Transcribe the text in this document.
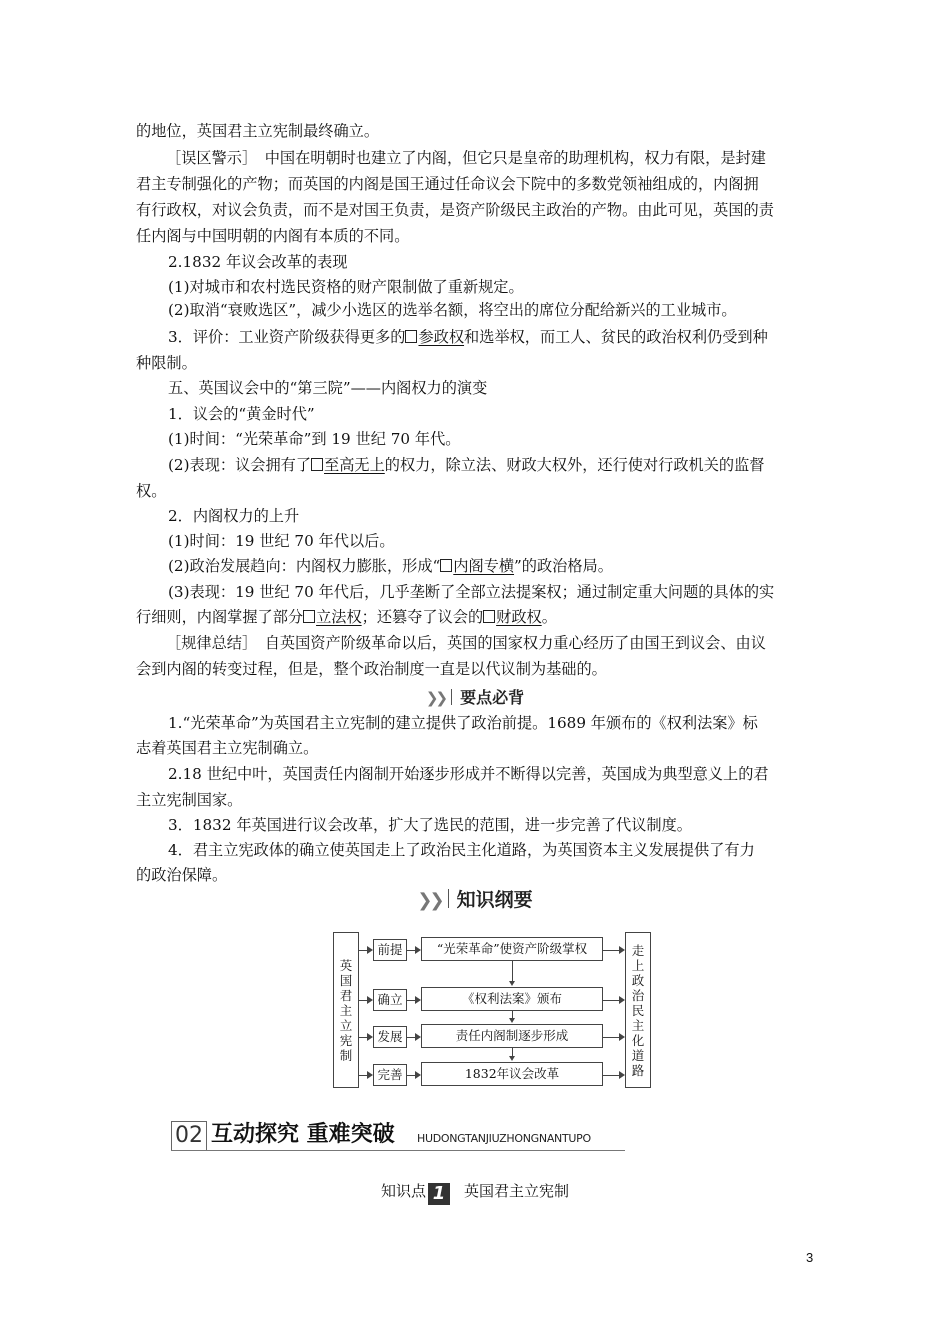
的地位，英国君主立宪制最终确立。
［误区警示］　中国在明朝时也建立了内阁，但它只是皇帝的助理机构，权力有限，是封建
君主专制强化的产物；而英国的内阁是国王通过任命议会下院中的多数党领袖组成的，内阁拥
有行政权，对议会负责，而不是对国王负责，是资产阶级民主政治的产物。由此可见，英国的责
任内阁与中国明朝的内阁有本质的不同。
2.1832 年议会改革的表现
(1)对城市和农村选民资格的财产限制做了重新规定。
(2)取消“衰败选区”，减少小选区的选举名额，将空出的席位分配给新兴的工业城市。
3．评价：工业资产阶级获得更多的 参政权和选举权，而工人、贫民的政治权利仍受到种
种限制。
五、英国议会中的“第三院”——内阁权力的演变
1．议会的“黄金时代”
(1)时间：“光荣革命”到 19 世纪 70 年代。
(2)表现：议会拥有了 至高无上的权力，除立法、财政大权外，还行使对行政机关的监督
权。
2．内阁权力的上升
(1)时间：19 世纪 70 年代以后。
(2)政治发展趋向：内阁权力膨胀，形成“ 内阁专横”的政治格局。
(3)表现：19 世纪 70 年代后，几乎垄断了全部立法提案权；通过制定重大问题的具体的实
行细则，内阁掌握了部分 立法权；还篡夺了议会的 财政权。
［规律总结］　自英国资产阶级革命以后，英国的国家权力重心经历了由国王到议会、由议
会到内阁的转变过程，但是，整个政治制度一直是以代议制为基础的。
❯❯ 要点必背
1.“光荣革命”为英国君主立宪制的建立提供了政治前提。1689 年颁布的《权利法案》标
志着英国君主立宪制确立。
2.18 世纪中叶，英国责任内阁制开始逐步形成并不断得以完善，英国成为典型意义上的君
主立宪制国家。
3．1832 年英国进行议会改革，扩大了选民的范围，进一步完善了代议制度。
4．君主立宪政体的确立使英国走上了政治民主化道路，为英国资本主义发展提供了有力
的政治保障。
❯❯ 知识纲要
英
国
君
主
立
宪
制
走
上
政
治
民
主
化
道
路
前提	“光荣革命”使资产阶级掌权
确立	《权利法案》颁布
发展	责任内阁制逐步形成
完善	1832年议会改革
02 互动探究 重难突破 HUDONGTANJIUZHONGNANTUPO
知识点 1 英国君主立宪制
3
